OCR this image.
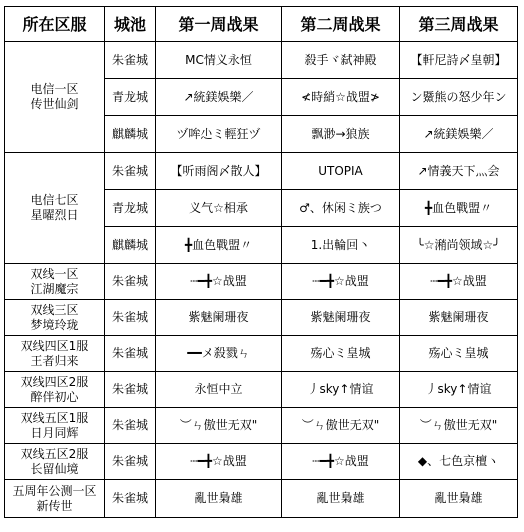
所在区服	城池	第一周战果	第二周战果	第三周战果

电信一区
传世仙剑	朱雀城	MC情义永恒	殺手ヾ弑神殿	【軒尼詩〆皇朝】
	青龙城	↗統鎂娛樂／	≮時綃☆战盟≯	ン鱀熊の怒少年ン
	麒麟城	ヅ哞尐ミ輕狂ヅ	飘渺→狼族	↗統鎂娛樂／

电信七区
星曜烈日	朱雀城	【听雨阁〆散人】	UTOPIA	↗情義天下灬会
	青龙城	义气☆相承	♂、休闲ミ族つ	╋血色戰盟〃
	麒麟城	╋血色戰盟〃	1.出輪回丶	╰☆潲尚领域☆╯

双线一区
江湖魔宗	朱雀城	┄━╋☆战盟	┄━╋☆战盟	┄━╋☆战盟

双线三区
梦境玲珑	朱雀城	紫魅阑珊夜	紫魅阑珊夜	紫魅阑珊夜

双线四区1服
王者归来	朱雀城	━━メ殺戮ㄣ	殇心ミ皇城	殇心ミ皇城

双线四区2服
醉伴初心	朱雀城	永恒中立	丿sky↑情谊	丿sky↑情谊

双线五区1服
日月同辉	朱雀城	︶ㄣ傲世无双"	︶ㄣ傲世无双"	︶ㄣ傲世无双"

双线五区2服
长留仙境	朱雀城	┄━╋☆战盟	┄━╋☆战盟	◆、七色京檀ヽ

五周年公测一区
新传世	朱雀城	亂世梟雄	亂世梟雄	亂世梟雄
